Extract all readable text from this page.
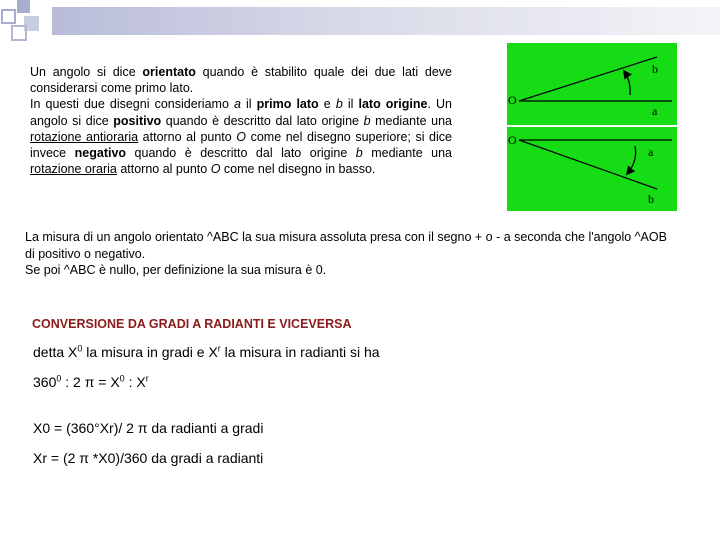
Un angolo si dice orientato quando è stabilito quale dei due lati deve considerarsi come primo lato.
In questi due disegni consideriamo a il primo lato e b il lato origine. Un angolo si dice positivo quando è descritto dal lato origine b mediante una rotazione antioraria attorno al punto O come nel disegno superiore; si dice invece negativo quando è descritto dal lato origine b mediante una rotazione oraria attorno al punto O come nel disegno in basso.
O
a
b
O
a
b
La misura di un angolo orientato ^ABC la sua misura assoluta presa con il segno + o - a seconda che l'angolo ^AOB di positivo o negativo.
Se poi ^ABC è nullo, per definizione la sua misura è 0.
CONVERSIONE DA GRADI A RADIANTI E VICEVERSA
detta $X^0$ la misura in gradi e $X^r$ la misura in radianti si ha
$360^0$ : 2 $\pi = X^0$ : $X^r$
X0 = (360°Xr)/ 2 π da radianti a gradi
Xr = (2 π *X0)/360 da gradi a radianti
